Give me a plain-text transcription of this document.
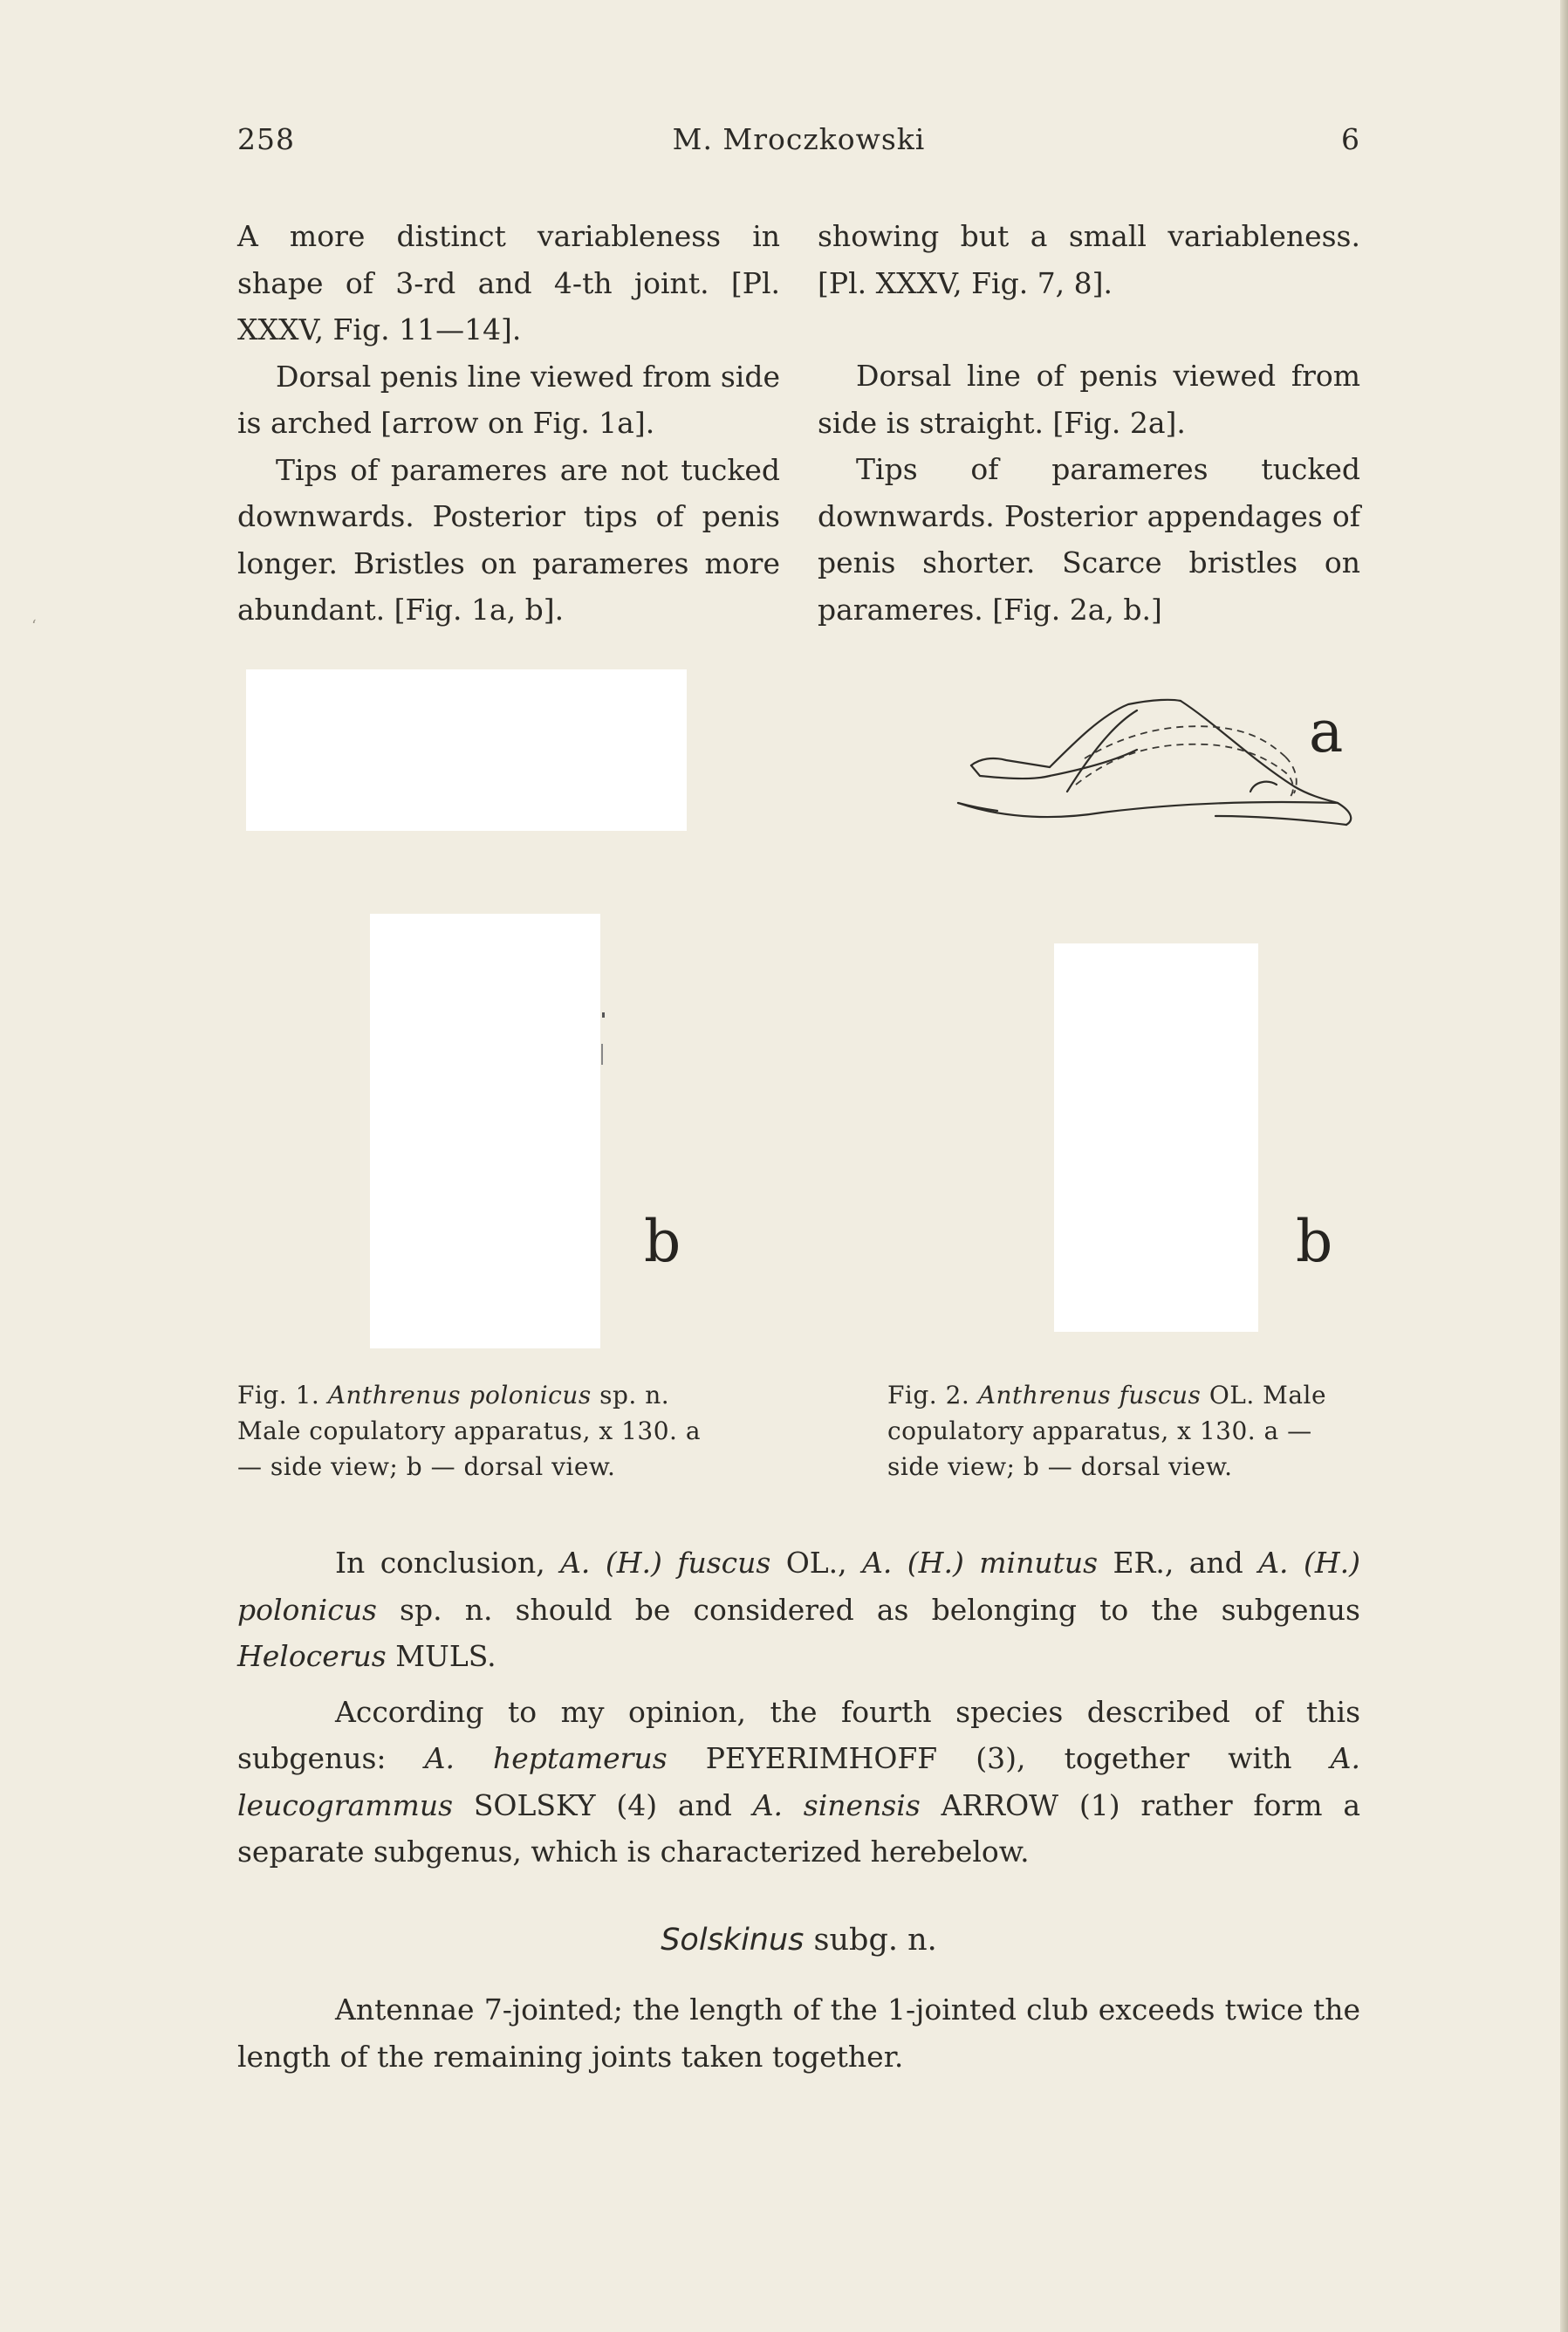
‘
258	M. Mroczkowski	6

A more distinct variableness in shape of 3-rd and 4-th joint. [Pl. XXXV, Fig. 11—14].

Dorsal penis line viewed from side is arched [arrow on Fig. 1a].

Tips of parameres are not tucked downwards. Posterior tips of penis longer. Bristles on parameres more abundant. [Fig. 1a, b].

showing but a small variableness. [Pl. XXXV, Fig. 7, 8].

Dorsal line of penis viewed from side is straight. [Fig. 2a].

Tips of parameres tucked downwards. Posterior appendages of penis shorter. Scarce bristles on parameres. [Fig. 2a, b.]

b
Fig. 1. Anthrenus polonicus sp. n. Male copulatory apparatus, x 130. a — side view; b — dorsal view.
a
b
Fig. 2. Anthrenus fuscus OL. Male copulatory apparatus, x 130. a — side view; b — dorsal view.

In conclusion, A. (H.) fuscus OL., A. (H.) minutus ER., and A. (H.) polonicus sp. n. should be considered as belonging to the subgenus Helocerus MULS.

According to my opinion, the fourth species described of this subgenus: A. heptamerus PEYERIMHOFF (3), together with A. leucogrammus SOLSKY (4) and A. sinensis ARROW (1) rather form a separate subgenus, which is characterized herebelow.

Solskinus subg. n.

Antennae 7-jointed; the length of the 1-jointed club exceeds twice the length of the remaining joints taken together.
